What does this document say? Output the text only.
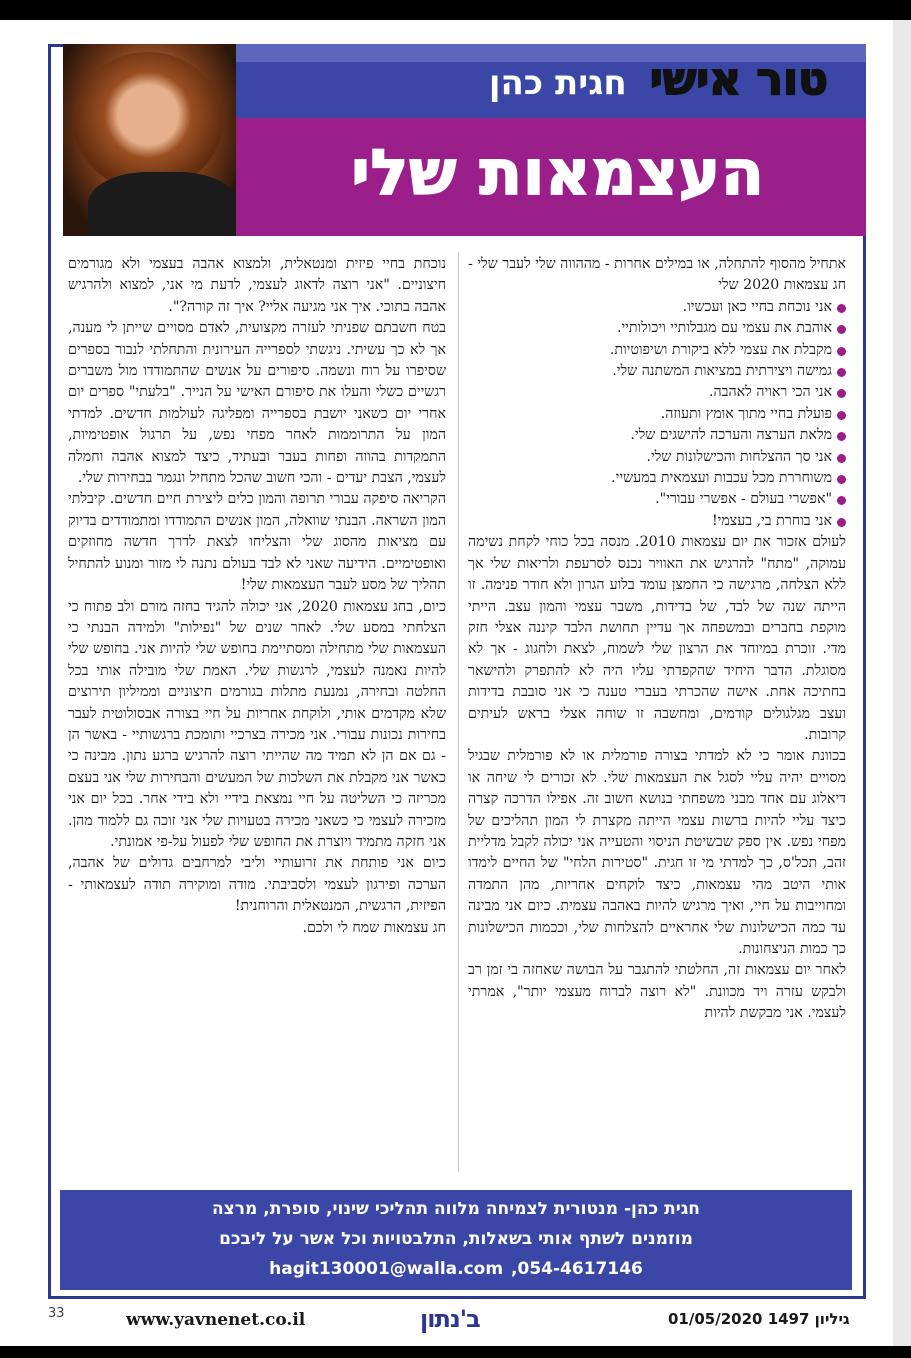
טור אישי חגית כהן
העצמאות שלי

אתחיל מהסוף להתחלה, או במילים אחרות - מההווה שלי לעבר שלי - חג עצמאות 2020 שלי

אני נוכחת בחיי כאן ועכשיו.
אוהבת את עצמי עם מגבלותיי ויכולותיי.
מקבלת את עצמי ללא ביקורת ושיפוטיות.
גמישה ויצירתית במציאות המשתנה שלי.
אני הכי ראויה לאהבה.
פועלת בחיי מתוך אומץ ותעוזה.
מלאת הערצה והערכה להישגים שלי.
אני סך ההצלחות והכישלונות שלי.
משוחררת מכל עכבות ועצמאית במעשיי.
"אפשרי בעולם - אפשרי עבורי".
אני בוחרת בי, בעצמי!

לעולם אזכור את יום עצמאות 2010. מנסה בכל כוחי לקחת נשימה עמוקה, "מתח" להרגיש את האוויר נכנס לסרעפת ולריאות שלי אך ללא הצלחה, מרגישה כי החמצן עומד בלוע הגרון ולא חודר פנימה. זו הייתה שנה של לבד, של בדידות, משבר עצמי והמון עצב. הייתי מוקפת בחברים ובמשפחה אך עדיין תחושת הלבד קיננה אצלי חזק מדי. זוכרת במיוחד את הרצון שלי לשמוח, לצאת ולחגוג - אך לא מסוגלת. הדבר היחיד שהקפדתי עליו היה לא להתפרק ולהישאר בחתיכה אחת. אישה שהכרתי בעברי טענה כי אני סובבת בדידות ועצב מגלגולים קודמים, ומחשבה זו שוחה אצלי בראש לעיתים קרובות.

בכוונת אומר כי לא למדתי בצורה פורמלית או לא פורמלית שבגיל מסויים יהיה עליי לסגל את העצמאות שלי. לא זכורים לי שיחה או דיאלוג עם אחד מבני משפחתי בנושא חשוב זה. אפילו הדרכה קצרה כיצד עליי להיות ברשות עצמי הייתה מקצרת לי המון תהליכים של מפחי נפש. אין ספק שבשיטת הניסוי והטעייה אני יכולה לקבל מדליית זהב, תכל'ס, כך למדתי מי זו חגית. "סטירות הלחי" של החיים לימדו אותי היטב מהי עצמאות, כיצד לוקחים אחריות, מהן התמדה ומחוייבות על חיי, ואיך מרגיש להיות באהבה עצמית. כיום אני מבינה עד כמה הכישלונות שלי אחראיים להצלחות שלי, וככמות הכישלונות כך כמות הניצחונות.

לאחר יום עצמאות זה, החלטתי להתגבר על הבושה שאחזה בי זמן רב ולבקש עזרה ויד מכוונת. "לא רוצה לברוח מעצמי יותר", אמרתי לעצמי. אני מבקשת להיות

נוכחת בחיי פיזית ומנטאלית, ולמצוא אהבה בעצמי ולא מגורמים חיצוניים. "אני רוצה לדאוג לעצמי, לדעת מי אני, למצוא ולהרגיש אהבה בתוכי. איך אני מגיעה אליי? איך זה קורה?".

בטח חשבתם שפניתי לעזרה מקצועית, לאדם מסויים שייתן לי מענה, אך לא כך עשיתי. ניגשתי לספרייה העירונית והתחלתי לנבור בספרים שסיפרו על רוח ונשמה. סיפורים על אנשים שהתמודדו מול משברים רגשיים כשלי והעלו את סיפורם האישי על הנייר. "בלעתי" ספרים יום אחרי יום כשאני יושבת בספרייה ומפליגה לעולמות חדשים. למדתי המון על התרוממות לאחר מפחי נפש, על תרגול אופטימיות, התמקדות בהווה ופחות בעבר ובעתיד, כיצד למצוא אהבה וחמלה לעצמי, הצבת יעדים - והכי חשוב שהכל מתחיל ונגמר בבחירות שלי.

הקריאה סיפקה עבורי תרופה והמון כלים ליצירת חיים חדשים. קיבלתי המון השראה. הבנתי שוואלה, המון אנשים התמודדו ומתמודדים בדיוק עם מציאות מהסוג שלי והצליחו לצאת לדרך חדשה מחוזקים ואופטימיים. הידיעה שאני לא לבד בעולם נתנה לי מזור ומנוע להתחיל תהליך של מסע לעבר העצמאות שלי!

כיום, בחג עצמאות 2020, אני יכולה להגיד בחזה מורם ולב פתוח כי הצלחתי במסע שלי. לאחר שנים של "נפילות" ולמידה הבנתי כי העצמאות שלי מתחילה ומסתיימת בחופש שלי להיות אני. בחופש שלי להיות נאמנה לעצמי, לרגשות שלי. האמת שלי מובילה אותי בכל החלטה ובחירה, נמנעת מתלות בגורמים חיצוניים וממיליון תירוצים שלא מקדמים אותי, ולוקחת אחריות על חיי בצורה אבסולוטית לעבר בחירות נכונות עבורי. אני מכירה בצרכיי ותומכת ברגשותיי - באשר הן - גם אם הן לא תמיד מה שהייתי רוצה להרגיש ברגע נתון. מבינה כי כאשר אני מקבלת את השלכות של המעשים והבחירות שלי אני בעצם מכריזה כי השליטה על חיי נמצאת בידיי ולא בידי אחר. בכל יום אני מזכירה לעצמי כי כשאני מכירה בטעויות שלי אני זוכה גם ללמוד מהן. אני חזקה מתמיד ויוצרת את החופש שלי לפעול על-פי אמונתי.

כיום אני פותחת את זרועותיי וליבי למרחבים גדולים של אהבה, הערכה ופירגון לעצמי ולסביבתי. מודה ומוקירה תודה לעצמאותי - הפיזית, הרגשית, המנטאלית והרוחנית!

חג עצמאות שמח לי ולכם.

חגית כהן- מנטורית לצמיחה מלווה תהליכי שינוי, סופרת, מרצה
מוזמנים לשתף אותי בשאלות, התלבטויות וכל אשר על ליבכם
hagit130001@walla.com ,054-4617146
33	www.yavnenet.co.il	ב'נתון	גיליון 1497 01/05/2020
